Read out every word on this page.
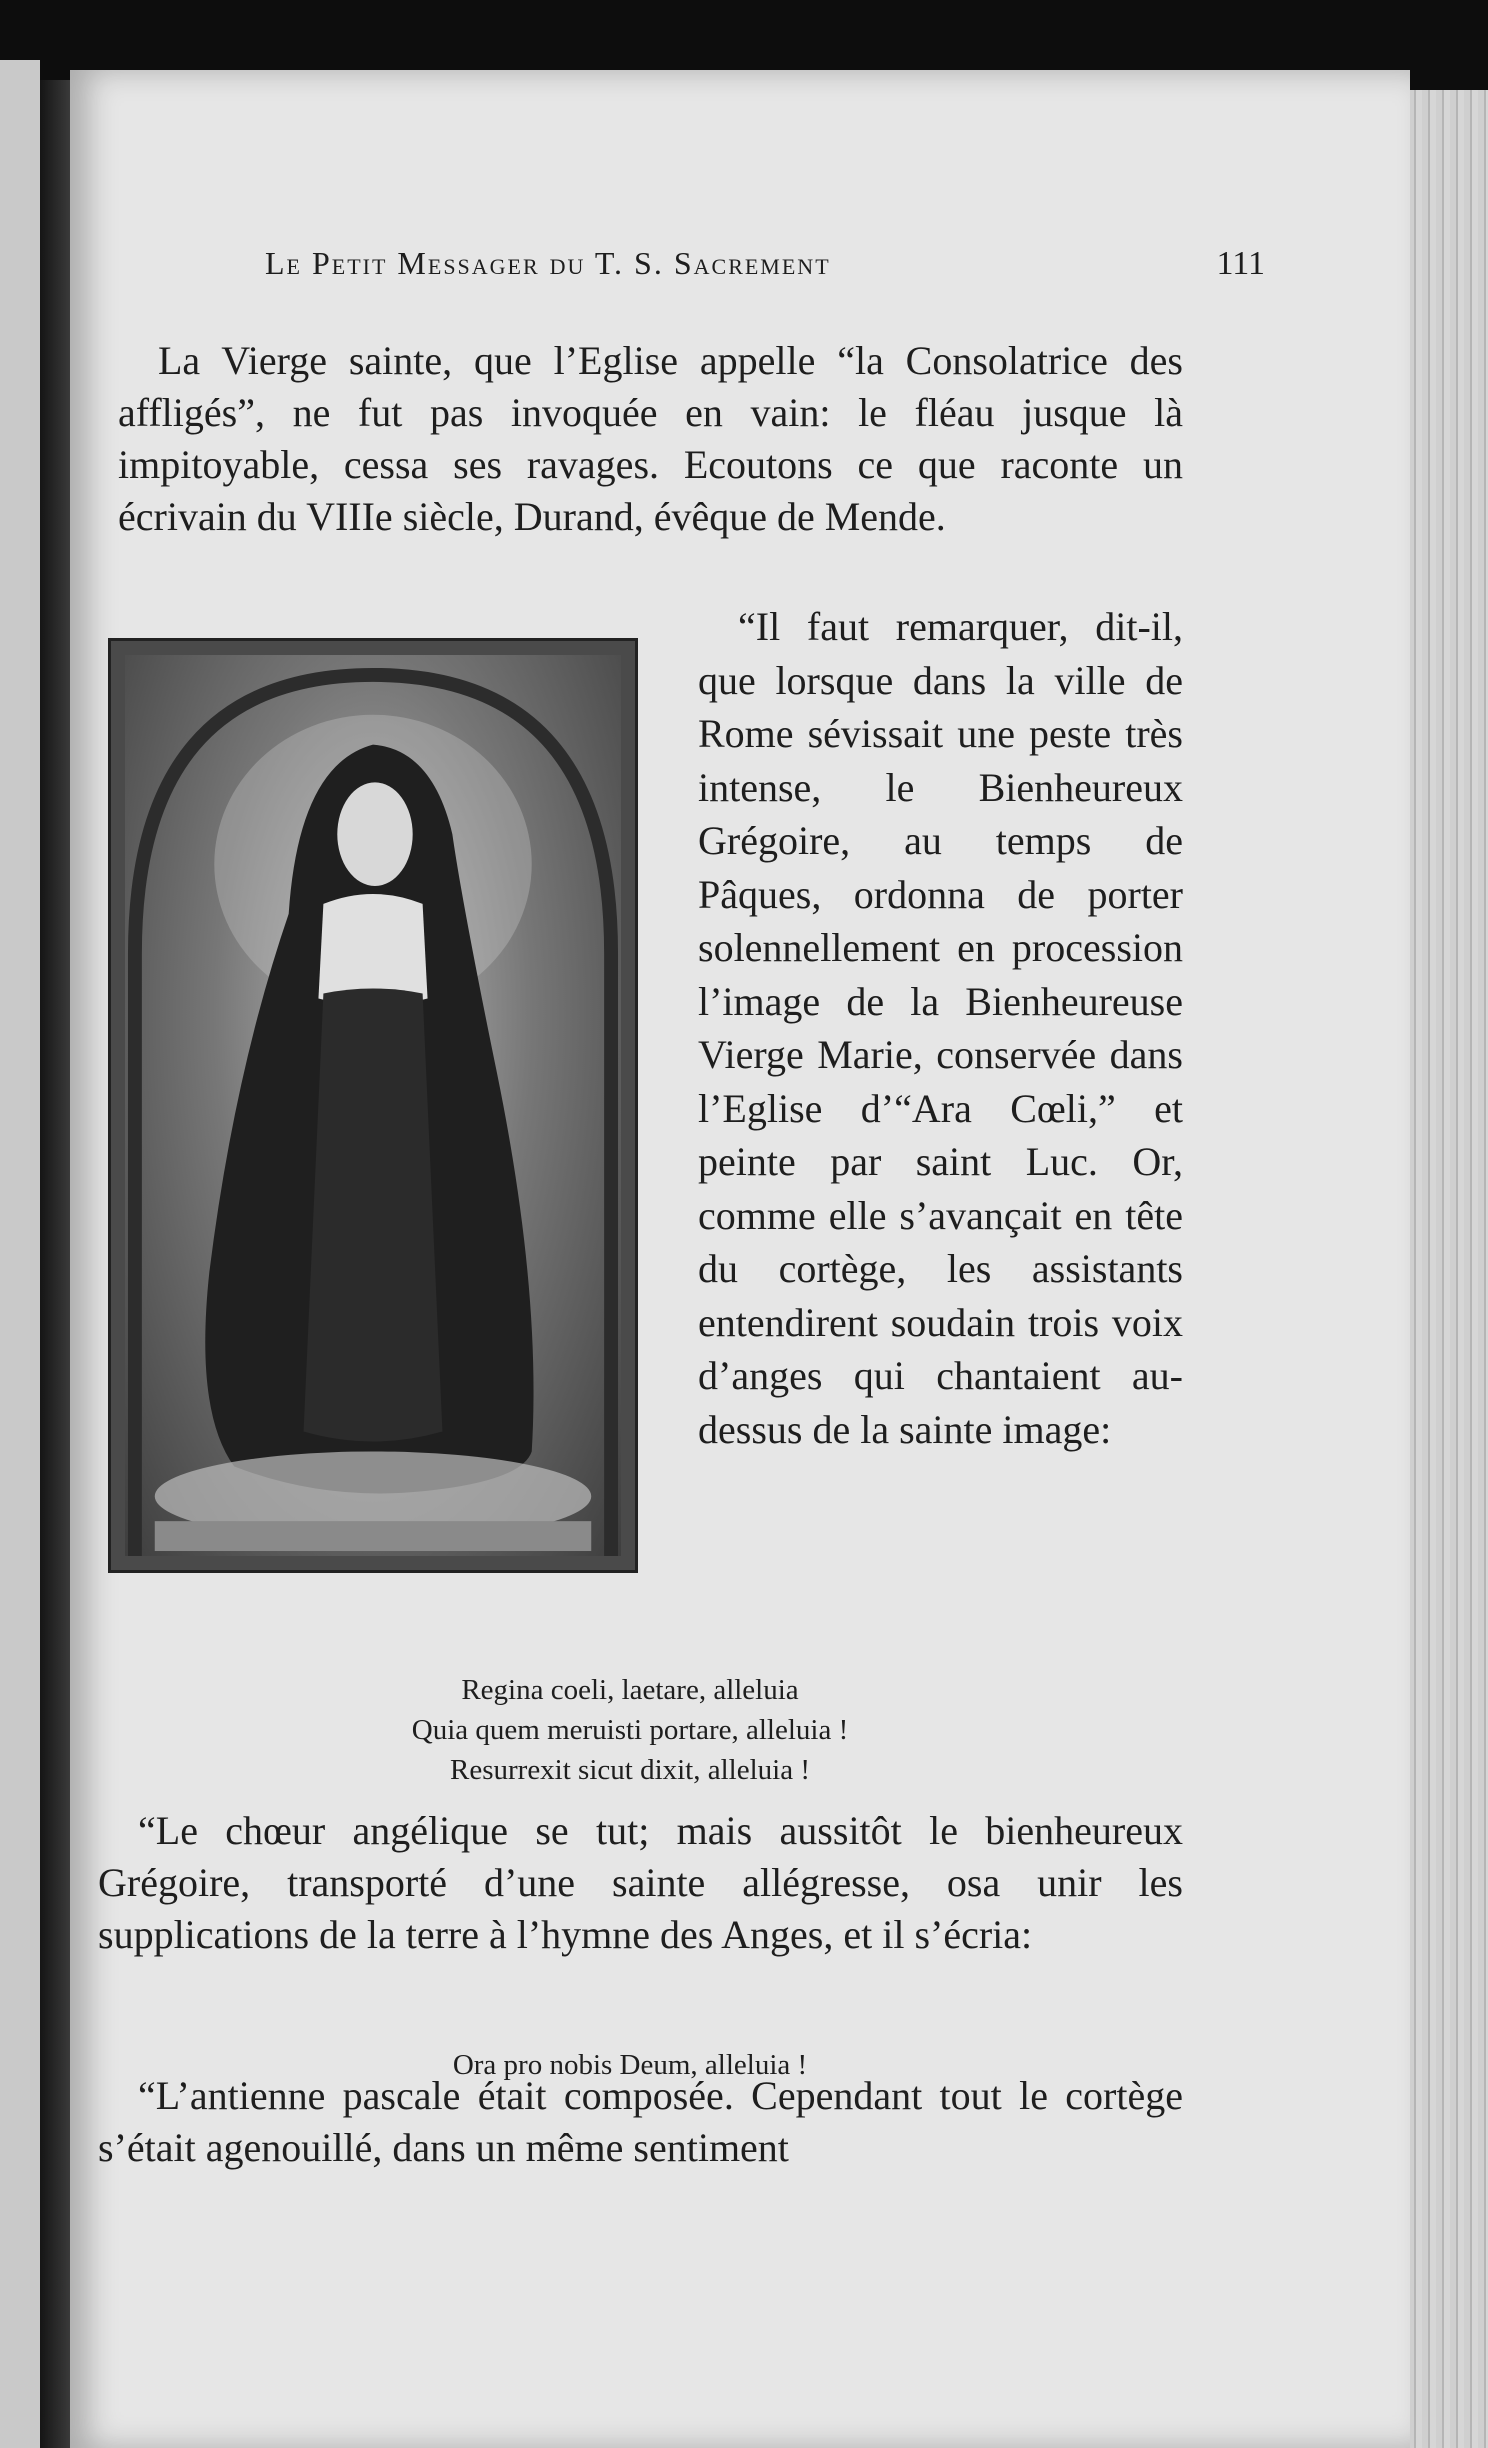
Le Petit Messager du T. S. Sacrement	111

La Vierge sainte, que l’Eglise appelle “la Consolatrice des affligés”, ne fut pas invoquée en vain: le fléau jusque là impitoyable, cessa ses ravages. Ecoutons ce que raconte un écrivain du VIIIe siècle, Durand, évêque de Mende.

“Il faut remarquer, dit-il, que lorsque dans la ville de Rome sévissait une peste très intense, le Bienheureux Grégoire, au temps de Pâques, ordonna de porter solennellement en procession l’image de la Bienheureuse Vierge Marie, conservée dans l’Eglise d’“Ara Cœli,” et peinte par saint Luc. Or, comme elle s’avançait en tête du cortège, les assistants entendirent soudain trois voix d’anges qui chantaient au-dessus de la sainte image:

Regina coeli, laetare, alleluia
Quia quem meruisti portare, alleluia !
Resurrexit sicut dixit, alleluia !

“Le chœur angélique se tut; mais aussitôt le bienheureux Grégoire, transporté d’une sainte allégresse, osa unir les supplications de la terre à l’hymne des Anges, et il s’écria:

Ora pro nobis Deum, alleluia !

“L’antienne pascale était composée. Cependant tout le cortège s’était agenouillé, dans un même sentiment
